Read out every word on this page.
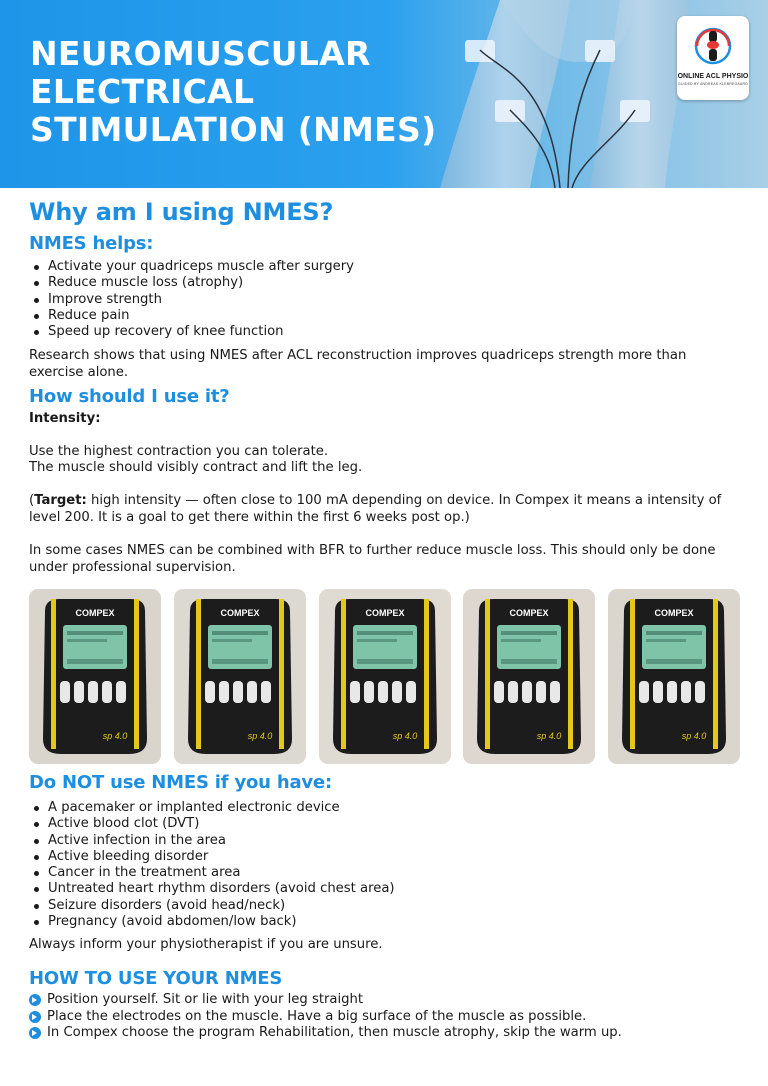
NEUROMUSCULAR
ELECTRICAL
STIMULATION (NMES)
ONLINE ACL PHYSIO
GUIDED BY ANDREAS KLEBREGAARD
Why am I using NMES?
NMES helps:
Activate your quadriceps muscle after surgery
Reduce muscle loss (atrophy)
Improve strength
Reduce pain
Speed up recovery of knee function
Research shows that using NMES after ACL reconstruction improves quadriceps strength more than exercise alone.
How should I use it?
Intensity:
Use the highest contraction you can tolerate.
The muscle should visibly contract and lift the leg.
(Target: high intensity — often close to 100 mA depending on device. In Compex it means a intensity of level 200. It is a goal to get there within the first 6 weeks post op.)
In some cases NMES can be combined with BFR to further reduce muscle loss. This should only be done under professional supervision.
COMPEX
sp 4.0
COMPEX
sp 4.0
COMPEX
sp 4.0
COMPEX
sp 4.0
COMPEX
sp 4.0
Do NOT use NMES if you have:
A pacemaker or implanted electronic device
Active blood clot (DVT)
Active infection in the area
Active bleeding disorder
Cancer in the treatment area
Untreated heart rhythm disorders (avoid chest area)
Seizure disorders (avoid head/neck)
Pregnancy (avoid abdomen/low back)
Always inform your physiotherapist if you are unsure.
HOW TO USE YOUR NMES
Position yourself. Sit or lie with your leg straight
Place the electrodes on the muscle. Have a big surface of the muscle as possible.
In Compex choose the program Rehabilitation, then muscle atrophy, skip the warm up.
